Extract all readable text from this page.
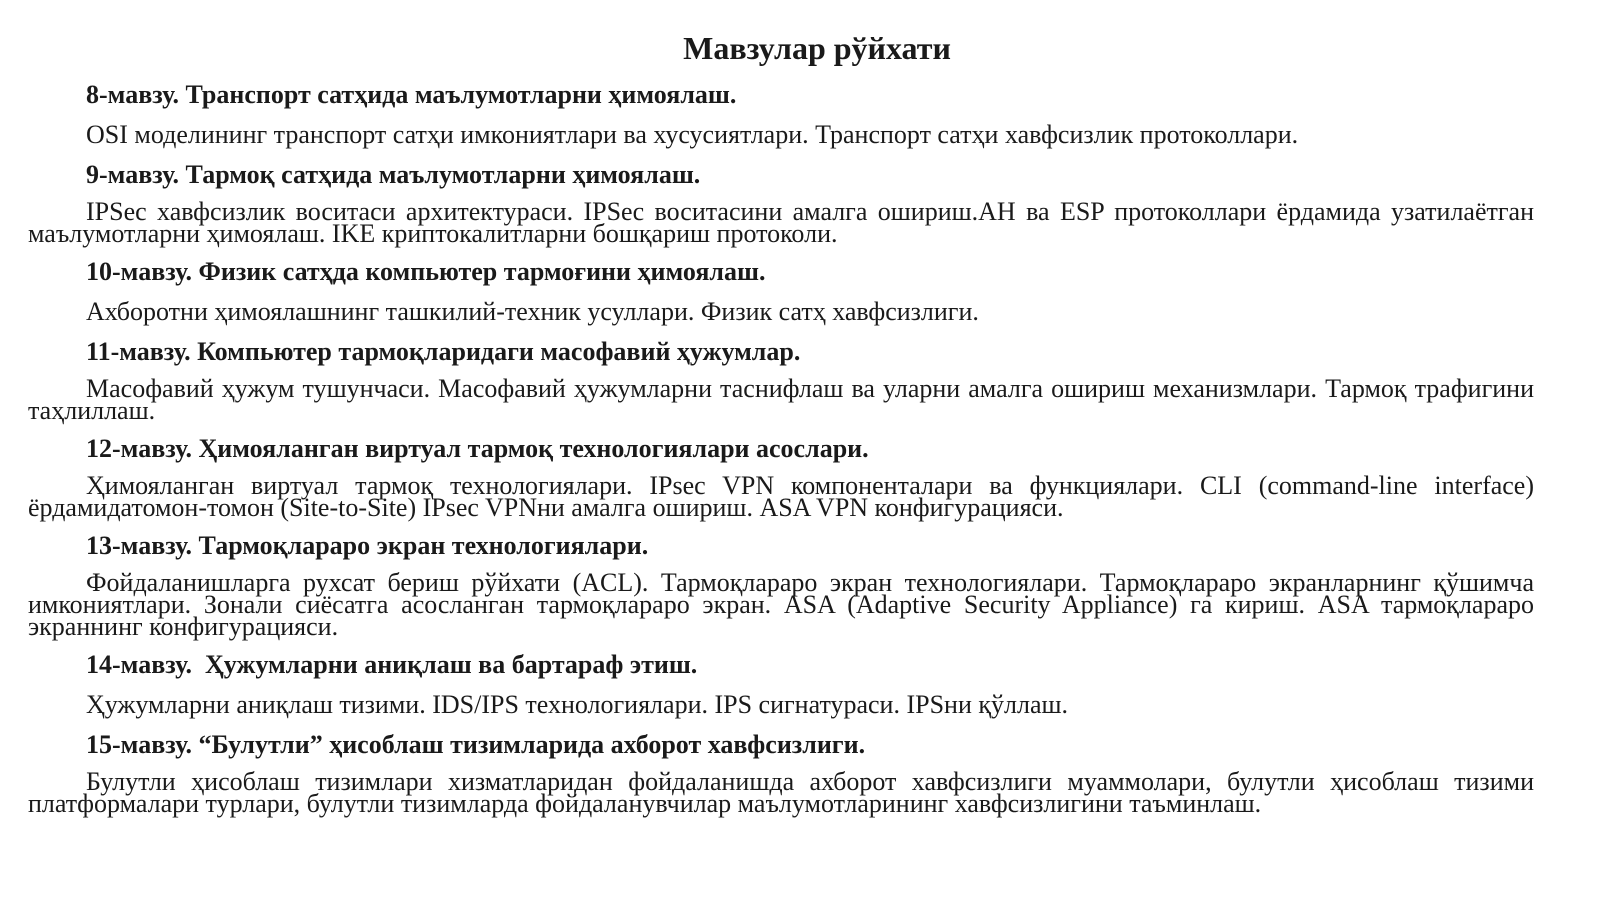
Мавзулар рўйхати

8-мавзу. Транспорт сатҳида маълумотларни ҳимоялаш.

OSI моделининг транспорт сатҳи имкониятлари ва хусусиятлари. Транспорт сатҳи хавфсизлик протоколлари.

9-мавзу. Тармоқ сатҳида маълумотларни ҳимоялаш.

IPSec хавфсизлик воситаси архитектураси. IPSec воситасини амалга ошириш.AH ва ESP протоколлари ёрдамида узатилаётган маълумотларни ҳимоялаш. IKE криптокалитларни бошқариш протоколи.

10-мавзу. Физик сатҳда компьютер тармоғини ҳимоялаш.

Ахборотни ҳимоялашнинг ташкилий-техник усуллари. Физик сатҳ хавфсизлиги.

11-мавзу. Компьютер тармоқларидаги масофавий ҳужумлар.

Масофавий ҳужум тушунчаси. Масофавий ҳужумларни таснифлаш ва уларни амалга ошириш механизмлари. Тармоқ трафигини таҳлиллаш.

12-мавзу. Ҳимояланган виртуал тармоқ технологиялари асослари.

Ҳимояланган виртуал тармоқ технологиялари. IPsec VPN компоненталари ва функциялари. CLI (command-line interface) ёрдамидатомон-томон (Site-to-Site) IPsec VPNни амалга ошириш. ASA VPN конфигурацияси.

13-мавзу. Тармоқлараро экран технологиялари.

Фойдаланишларга рухсат бериш рўйхати (ACL). Тармоқлараро экран технологиялари. Тармоқлараро экранларнинг қўшимча имкониятлари. Зонали сиёсатга асосланган тармоқлараро экран. ASA (Adaptive Security Appliance) га кириш. ASA тармоқлараро экраннинг конфигурацияси.

14-мавзу.  Ҳужумларни аниқлаш ва бартараф этиш.

Ҳужумларни аниқлаш тизими. IDS/IPS технологиялари. IPS сигнатураси. IPSни қўллаш.

15-мавзу. “Булутли” ҳисоблаш тизимларида ахборот хавфсизлиги.

Булутли ҳисоблаш тизимлари хизматларидан фойдаланишда ахборот хавфсизлиги муаммолари, булутли ҳисоблаш тизими платформалари турлари, булутли тизимларда фойдаланувчилар маълумотларининг хавфсизлигини таъминлаш.
